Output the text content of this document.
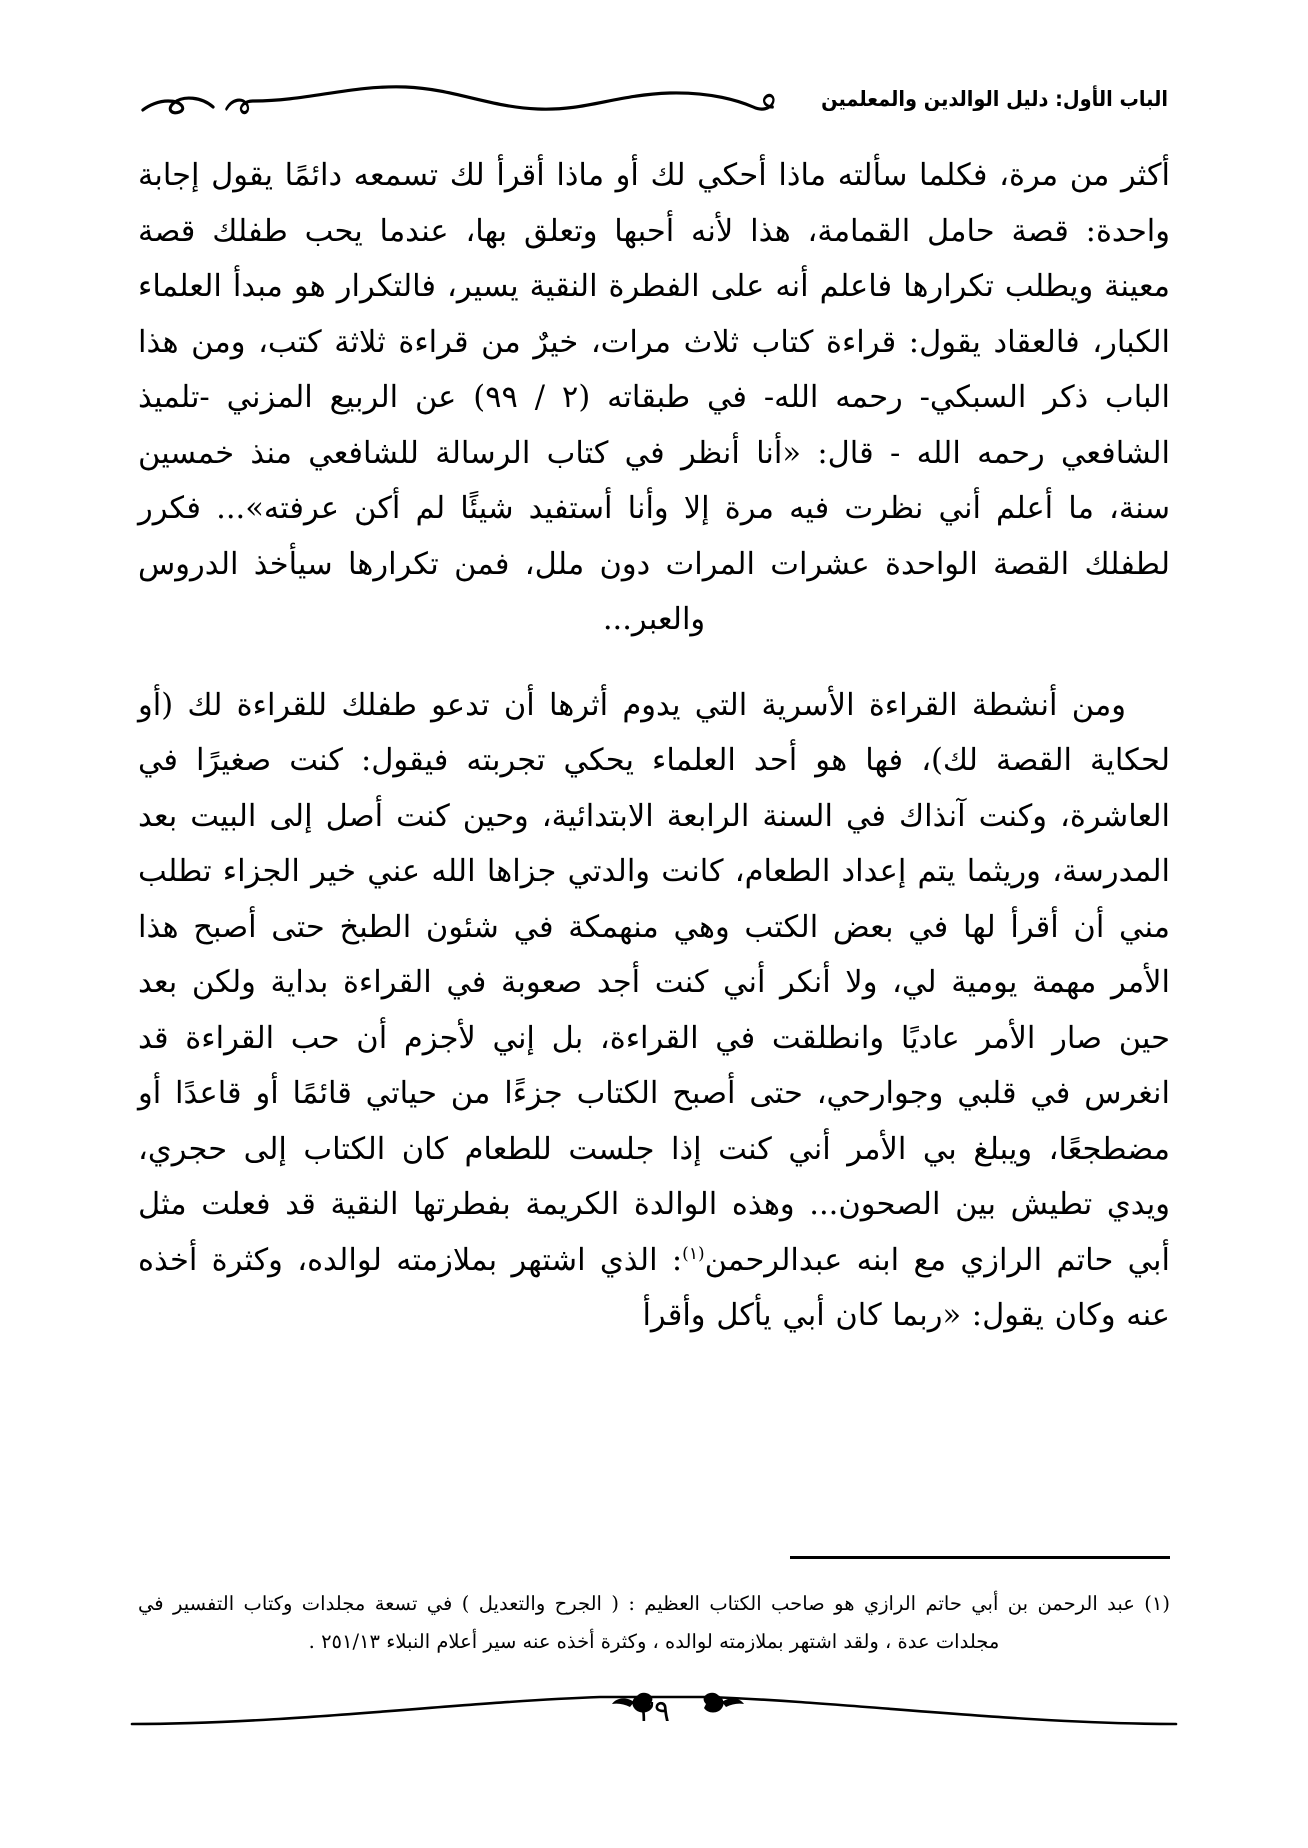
الباب الأول: دليل الوالدين والمعلمين

أكثر من مرة، فكلما سألته ماذا أحكي لك أو ماذا أقرأ لك تسمعه دائمًا يقول إجابة واحدة: قصة حامل القمامة، هذا لأنه أحبها وتعلق بها، عندما يحب طفلك قصة معينة ويطلب تكرارها فاعلم أنه على الفطرة النقية يسير، فالتكرار هو مبدأ العلماء الكبار، فالعقاد يقول: قراءة كتاب ثلاث مرات، خيرٌ من قراءة ثلاثة كتب، ومن هذا الباب ذكر السبكي- رحمه الله- في طبقاته (٢ / ٩٩) عن الربيع المزني -تلميذ الشافعي رحمه الله - قال: «أنا أنظر في كتاب الرسالة للشافعي منذ خمسين سنة، ما أعلم أني نظرت فيه مرة إلا وأنا أستفيد شيئًا لم أكن عرفته»... فكرر لطفلك القصة الواحدة عشرات المرات دون ملل، فمن تكرارها سيأخذ الدروس والعبر...

ومن أنشطة القراءة الأسرية التي يدوم أثرها أن تدعو طفلك للقراءة لك (أو لحكاية القصة لك)، فها هو أحد العلماء يحكي تجربته فيقول: كنت صغيرًا في العاشرة، وكنت آنذاك في السنة الرابعة الابتدائية، وحين كنت أصل إلى البيت بعد المدرسة، وريثما يتم إعداد الطعام، كانت والدتي جزاها الله عني خير الجزاء تطلب مني أن أقرأ لها في بعض الكتب وهي منهمكة في شئون الطبخ حتى أصبح هذا الأمر مهمة يومية لي، ولا أنكر أني كنت أجد صعوبة في القراءة بداية ولكن بعد حين صار الأمر عاديًا وانطلقت في القراءة، بل إني لأجزم أن حب القراءة قد انغرس في قلبي وجوارحي، حتى أصبح الكتاب جزءًا من حياتي قائمًا أو قاعدًا أو مضطجعًا، ويبلغ بي الأمر أني كنت إذا جلست للطعام كان الكتاب إلى حجري، ويدي تطيش بين الصحون... وهذه الوالدة الكريمة بفطرتها النقية قد فعلت مثل أبي حاتم الرازي مع ابنه عبدالرحمن$^{(١)}$: الذي اشتهر بملازمته لوالده، وكثرة أخذه عنه وكان يقول: «ربما كان أبي يأكل وأقرأ

(١) عبد الرحمن بن أبي حاتم الرازي هو صاحب الكتاب العظيم : ( الجرح والتعديل ) في تسعة مجلدات وكتاب التفسير في مجلدات عدة ، ولقد اشتهر بملازمته لوالده ، وكثرة أخذه عنه سير أعلام النبلاء ٢٥١/١٣ .

٣٩
